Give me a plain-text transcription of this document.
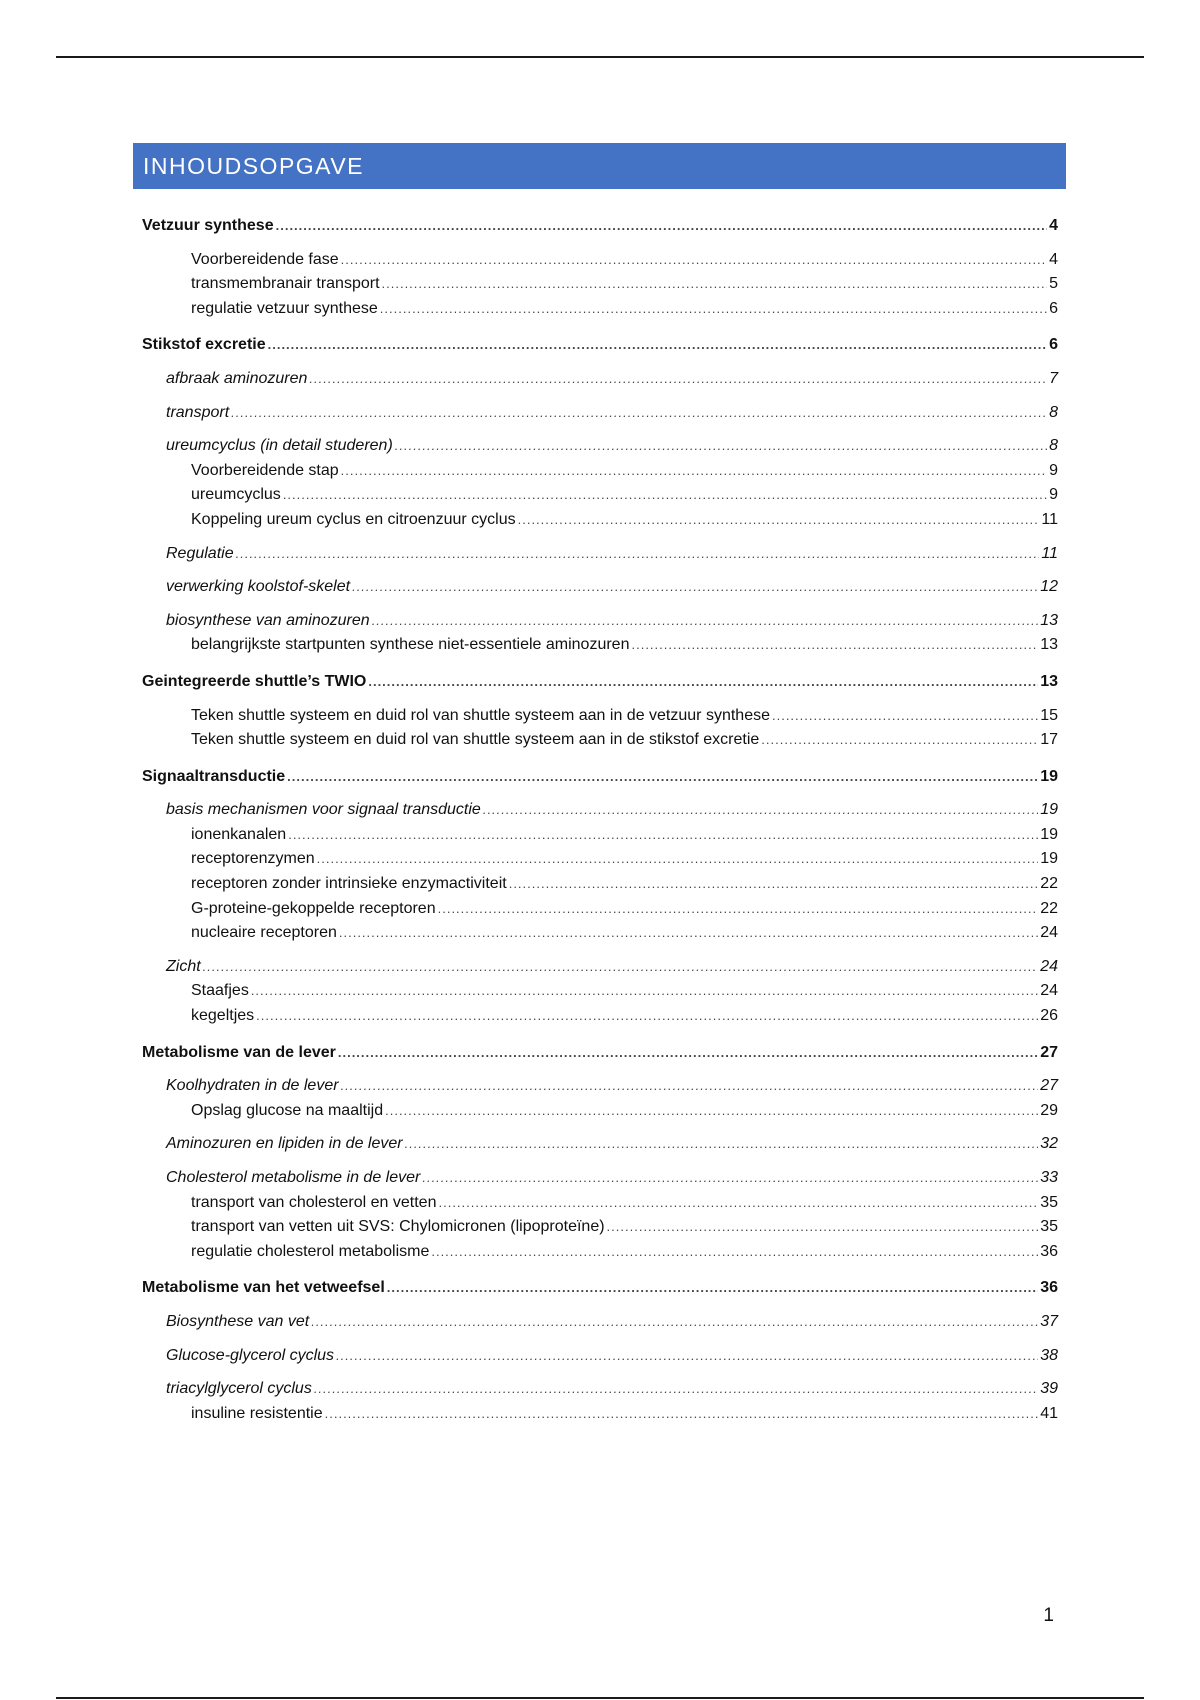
INHOUDSOPGAVE
Vetzuur synthese .....	4
Voorbereidende fase .....	4
transmembranair transport .....	5
regulatie vetzuur synthese .....	6
Stikstof excretie .....	6
afbraak aminozuren .....	7
transport .....	8
ureumcyclus (in detail studeren) .....	8
Voorbereidende stap .....	9
ureumcyclus .....	9
Koppeling ureum cyclus en citroenzuur cyclus .....	11
Regulatie .....	11
verwerking koolstof-skelet .....	12
biosynthese van aminozuren .....	13
belangrijkste startpunten synthese niet-essentiele aminozuren .....	13
Geintegreerde shuttle’s TWIO .....	13
Teken shuttle systeem en duid rol van shuttle systeem aan in de vetzuur synthese .....	15
Teken shuttle systeem en duid rol van shuttle systeem aan in de stikstof excretie .....	17
Signaaltransductie .....	19
basis mechanismen voor signaal transductie .....	19
ionenkanalen .....	19
receptorenzymen .....	19
receptoren zonder intrinsieke enzymactiviteit .....	22
G-proteine-gekoppelde receptoren .....	22
nucleaire receptoren .....	24
Zicht .....	24
Staafjes .....	24
kegeltjes .....	26
Metabolisme van de lever .....	27
Koolhydraten in de lever .....	27
Opslag glucose na maaltijd .....	29
Aminozuren en lipiden in de lever .....	32
Cholesterol metabolisme in de lever .....	33
transport van cholesterol en vetten .....	35
transport van vetten uit SVS: Chylomicronen (lipoproteïne) .....	35
regulatie cholesterol metabolisme .....	36
Metabolisme van het vetweefsel .....	36
Biosynthese van vet .....	37
Glucose-glycerol cyclus .....	38
triacylglycerol cyclus .....	39
insuline resistentie .....	41
1
